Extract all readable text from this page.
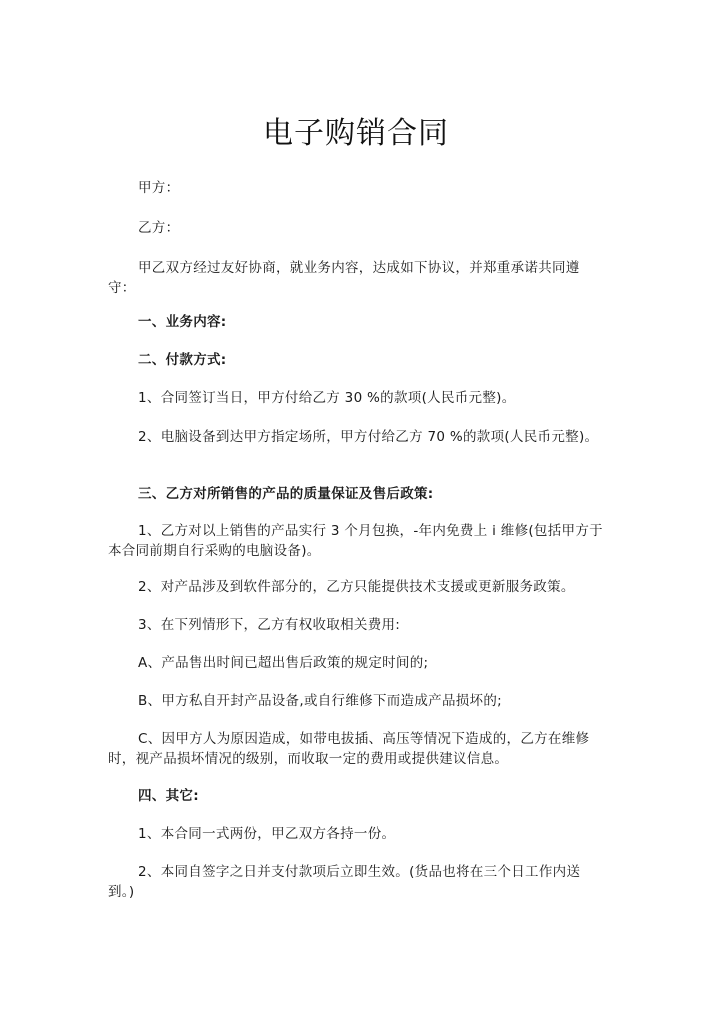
电子购销合同

甲方：

乙方：

甲乙双方经过友好协商，就业务内容，达成如下协议，并郑重承诺共同遵守：

一、业务内容:

二、付款方式:

1、合同签订当日，甲方付给乙方 30 %的款项(人民币元整)。

2、电脑设备到达甲方指定场所，甲方付给乙方 70 %的款项(人民币元整)。

三、乙方对所销售的产品的质量保证及售后政策:

1、乙方对以上销售的产品实行 3 个月包换，-年内免费上 i 维修(包括甲方于本合同前期自行采购的电脑设备)。

2、对产品涉及到软件部分的，乙方只能提供技术支援或更新服务政策。

3、在下列情形下，乙方有权收取相关费用:

A、产品售出时间已超出售后政策的规定时间的;

B、甲方私自开封产品设备,或自行维修下而造成产品损坏的;

C、因甲方人为原因造成，如带电拔插、高压等情况下造成的，乙方在维修时，视产品损坏情况的级别，而收取一定的费用或提供建议信息。

四、其它:

1、本合同一式两份，甲乙双方各持一份。

2、本同自签字之日并支付款项后立即生效。(货品也将在三个日工作内送到。)
